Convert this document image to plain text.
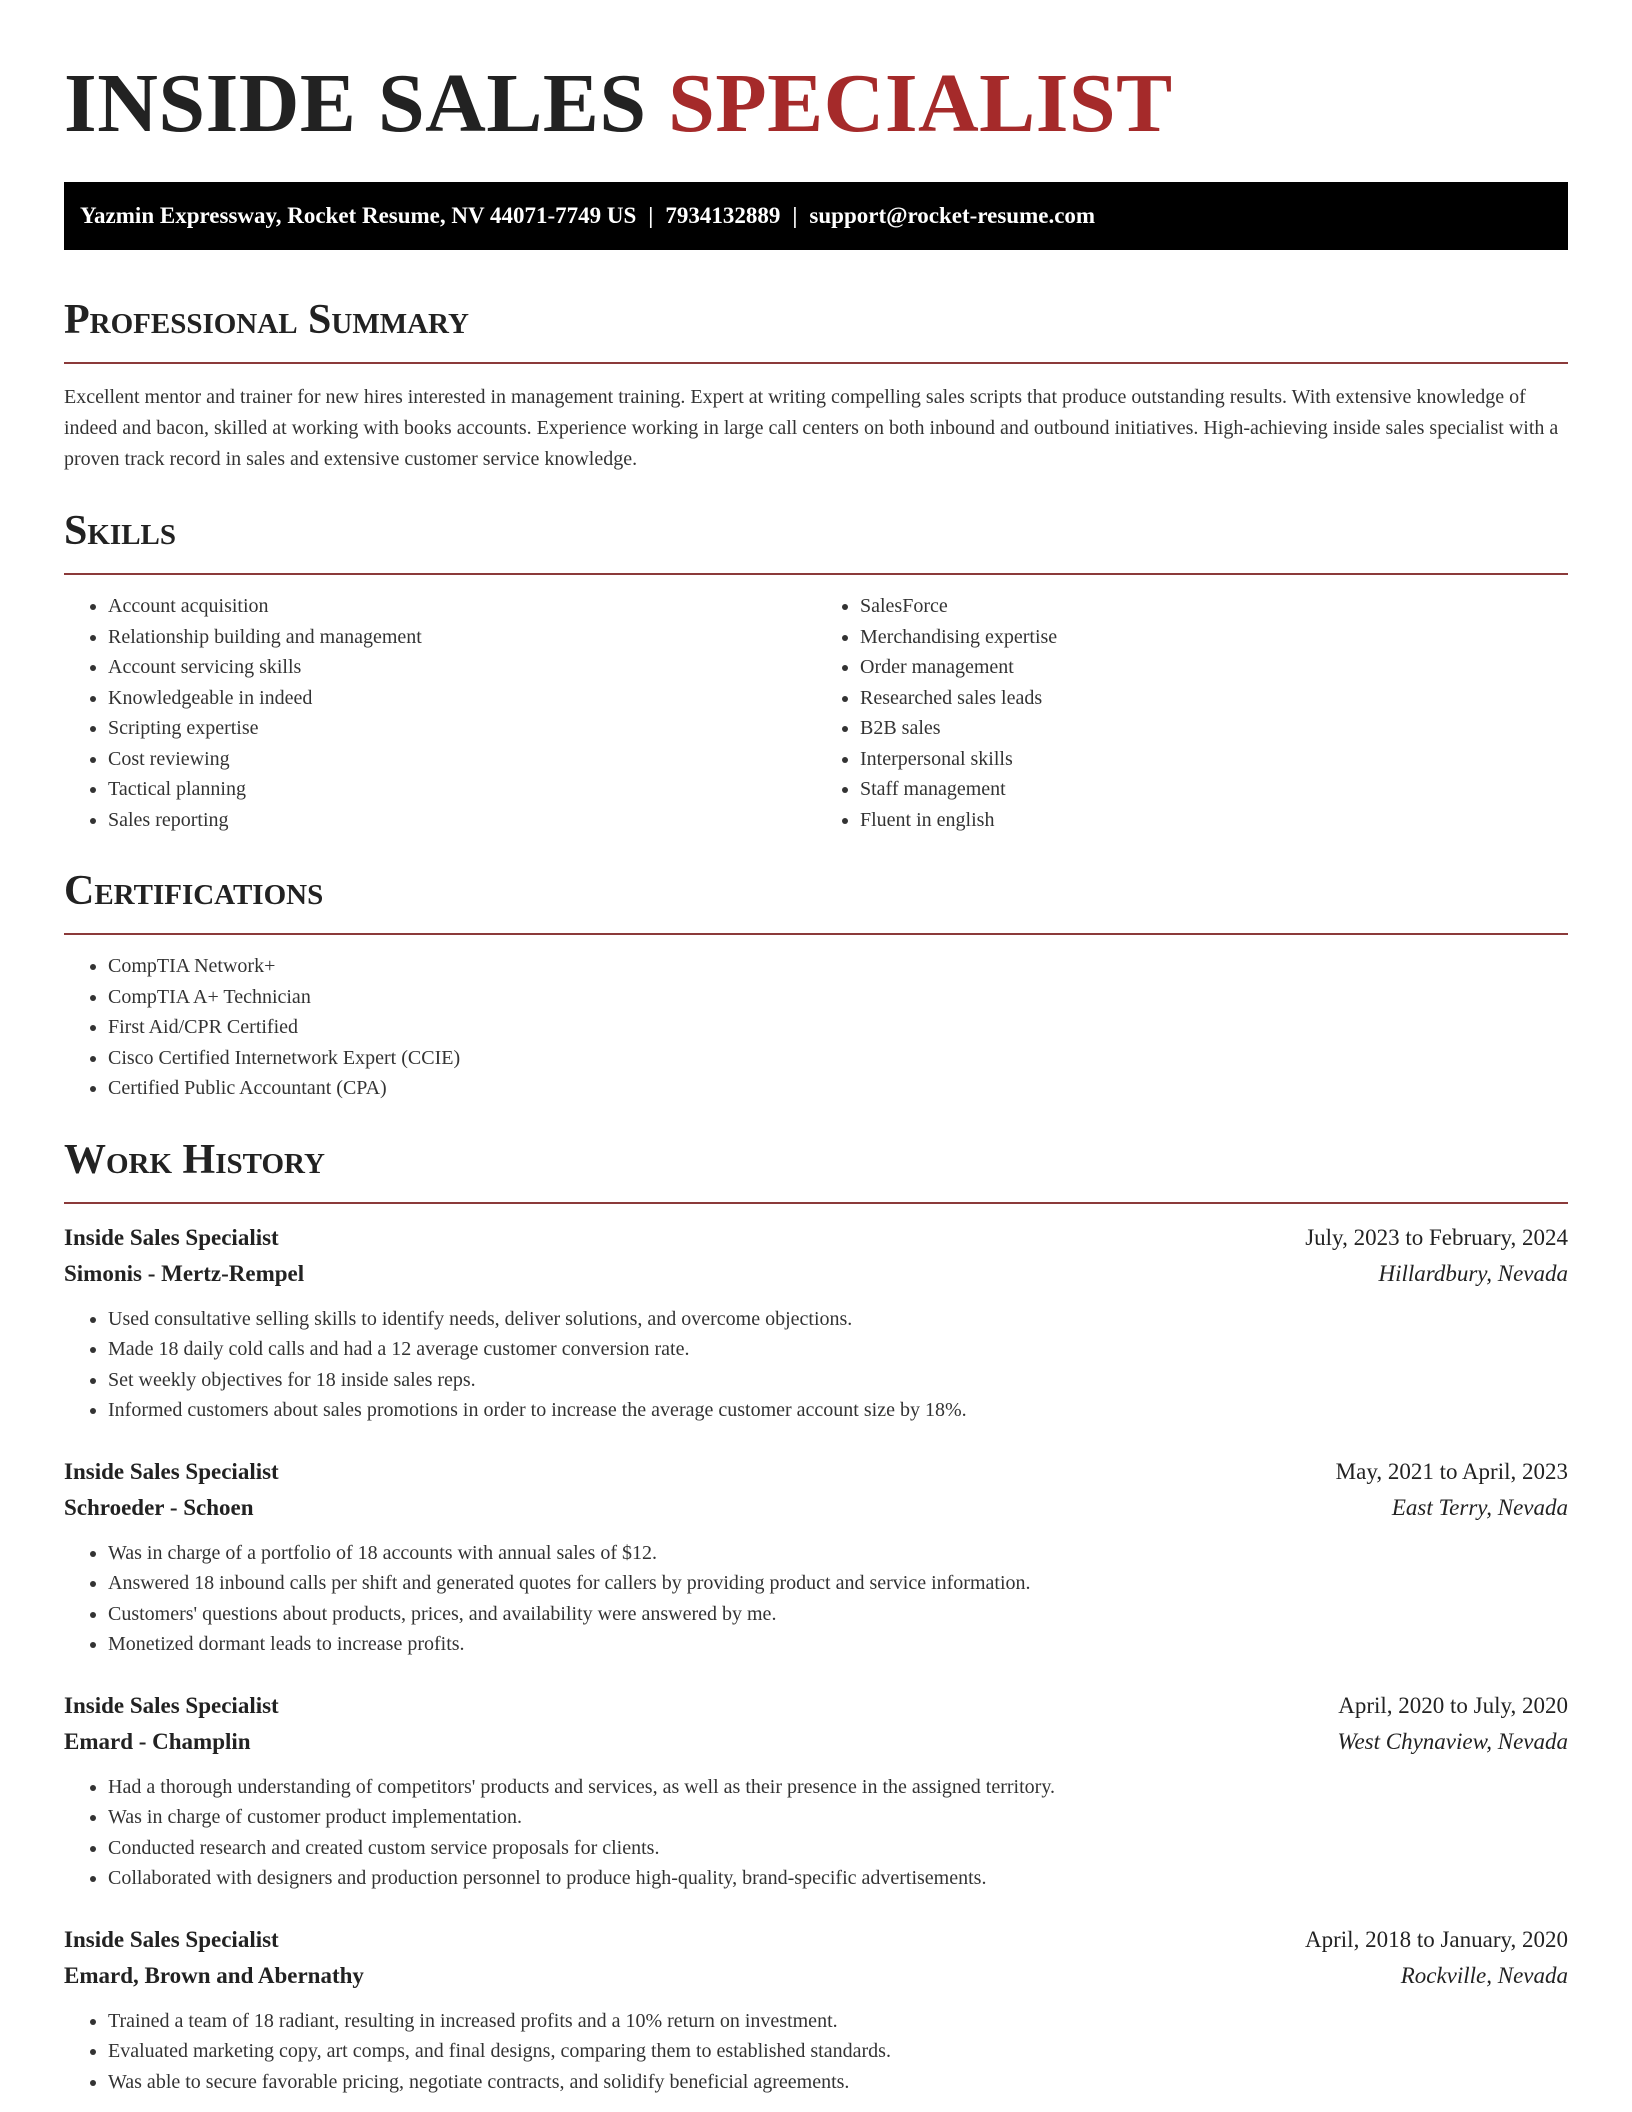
INSIDE SALES SPECIALIST
Yazmin Expressway, Rocket Resume, NV 44071-7749 US | 7934132889 | support@rocket-resume.com
Professional Summary

Excellent mentor and trainer for new hires interested in management training. Expert at writing compelling sales scripts that produce outstanding results. With extensive knowledge of indeed and bacon, skilled at working with books accounts. Experience working in large call centers on both inbound and outbound initiatives. High-achieving inside sales specialist with a proven track record in sales and extensive customer service knowledge.

Skills
• Account acquisition
• Relationship building and management
• Account servicing skills
• Knowledgeable in indeed
• Scripting expertise
• Cost reviewing
• Tactical planning
• Sales reporting
• SalesForce
• Merchandising expertise
• Order management
• Researched sales leads
• B2B sales
• Interpersonal skills
• Staff management
• Fluent in english
Certifications
• CompTIA Network+
• CompTIA A+ Technician
• First Aid/CPR Certified
• Cisco Certified Internetwork Expert (CCIE)
• Certified Public Accountant (CPA)
Work History
Inside Sales Specialist	July, 2023 to February, 2024
Simonis - Mertz-Rempel	Hillardbury, Nevada
• Used consultative selling skills to identify needs, deliver solutions, and overcome objections.
• Made 18 daily cold calls and had a 12 average customer conversion rate.
• Set weekly objectives for 18 inside sales reps.
• Informed customers about sales promotions in order to increase the average customer account size by 18%.
Inside Sales Specialist	May, 2021 to April, 2023
Schroeder - Schoen	East Terry, Nevada
• Was in charge of a portfolio of 18 accounts with annual sales of $12.
• Answered 18 inbound calls per shift and generated quotes for callers by providing product and service information.
• Customers' questions about products, prices, and availability were answered by me.
• Monetized dormant leads to increase profits.
Inside Sales Specialist	April, 2020 to July, 2020
Emard - Champlin	West Chynaview, Nevada
• Had a thorough understanding of competitors' products and services, as well as their presence in the assigned territory.
• Was in charge of customer product implementation.
• Conducted research and created custom service proposals for clients.
• Collaborated with designers and production personnel to produce high-quality, brand-specific advertisements.
Inside Sales Specialist	April, 2018 to January, 2020
Emard, Brown and Abernathy	Rockville, Nevada
• Trained a team of 18 radiant, resulting in increased profits and a 10% return on investment.
• Evaluated marketing copy, art comps, and final designs, comparing them to established standards.
• Was able to secure favorable pricing, negotiate contracts, and solidify beneficial agreements.
